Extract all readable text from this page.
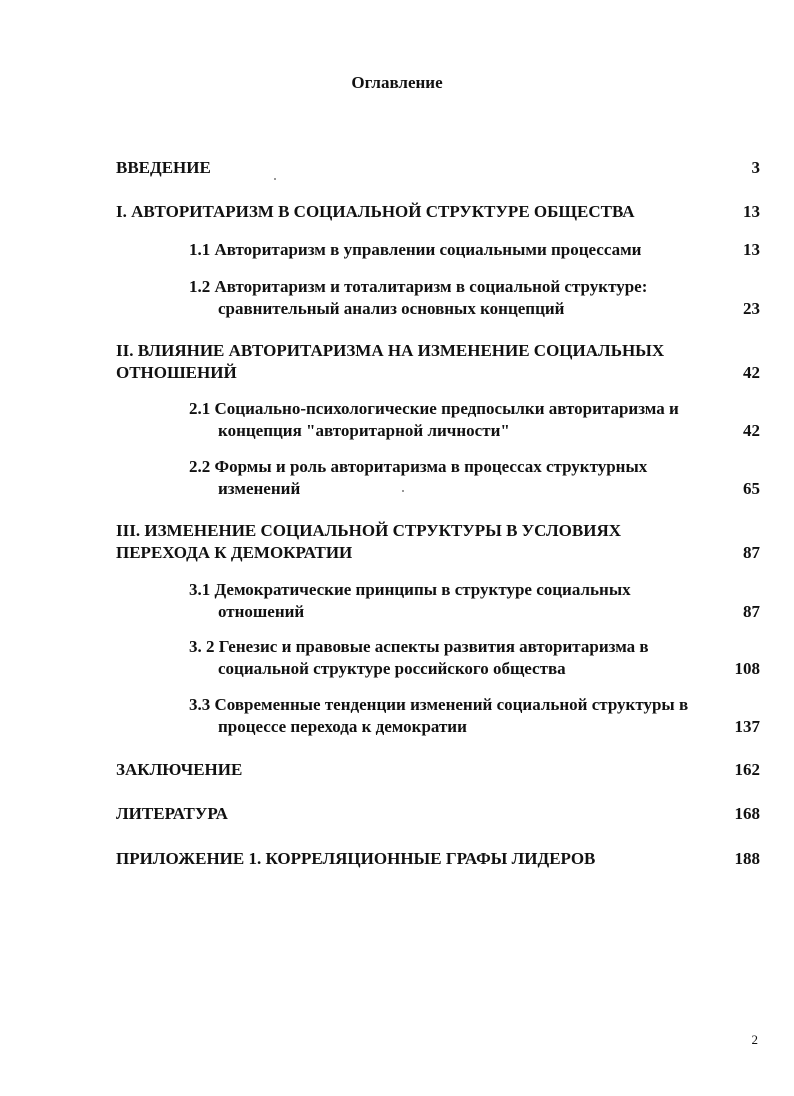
Оглавление
ВВЕДЕНИЕ	3
I. АВТОРИТАРИЗМ В СОЦИАЛЬНОЙ СТРУКТУРЕ ОБЩЕСТВА	13
1.1 Авторитаризм в управлении социальными процессами	13
1.2 Авторитаризм и тоталитаризм в социальной структуре:
сравнительный анализ основных концепций	23
II. ВЛИЯНИЕ АВТОРИТАРИЗМА НА ИЗМЕНЕНИЕ СОЦИАЛЬНЫХ
ОТНОШЕНИЙ	42
2.1 Социально-психологические предпосылки авторитаризма и
концепция "авторитарной личности"	42
2.2 Формы и роль авторитаризма в процессах структурных
изменений	65
III. ИЗМЕНЕНИЕ СОЦИАЛЬНОЙ СТРУКТУРЫ В УСЛОВИЯХ
ПЕРЕХОДА К ДЕМОКРАТИИ	87
3.1 Демократические принципы в структуре социальных
отношений	87
3. 2 Генезис и правовые аспекты развития авторитаризма в
социальной структуре российского общества	108
3.3 Современные тенденции изменений социальной структуры в
процессе перехода к демократии	137
ЗАКЛЮЧЕНИЕ	162
ЛИТЕРАТУРА	168
ПРИЛОЖЕНИЕ 1. КОРРЕЛЯЦИОННЫЕ ГРАФЫ ЛИДЕРОВ	188
2
